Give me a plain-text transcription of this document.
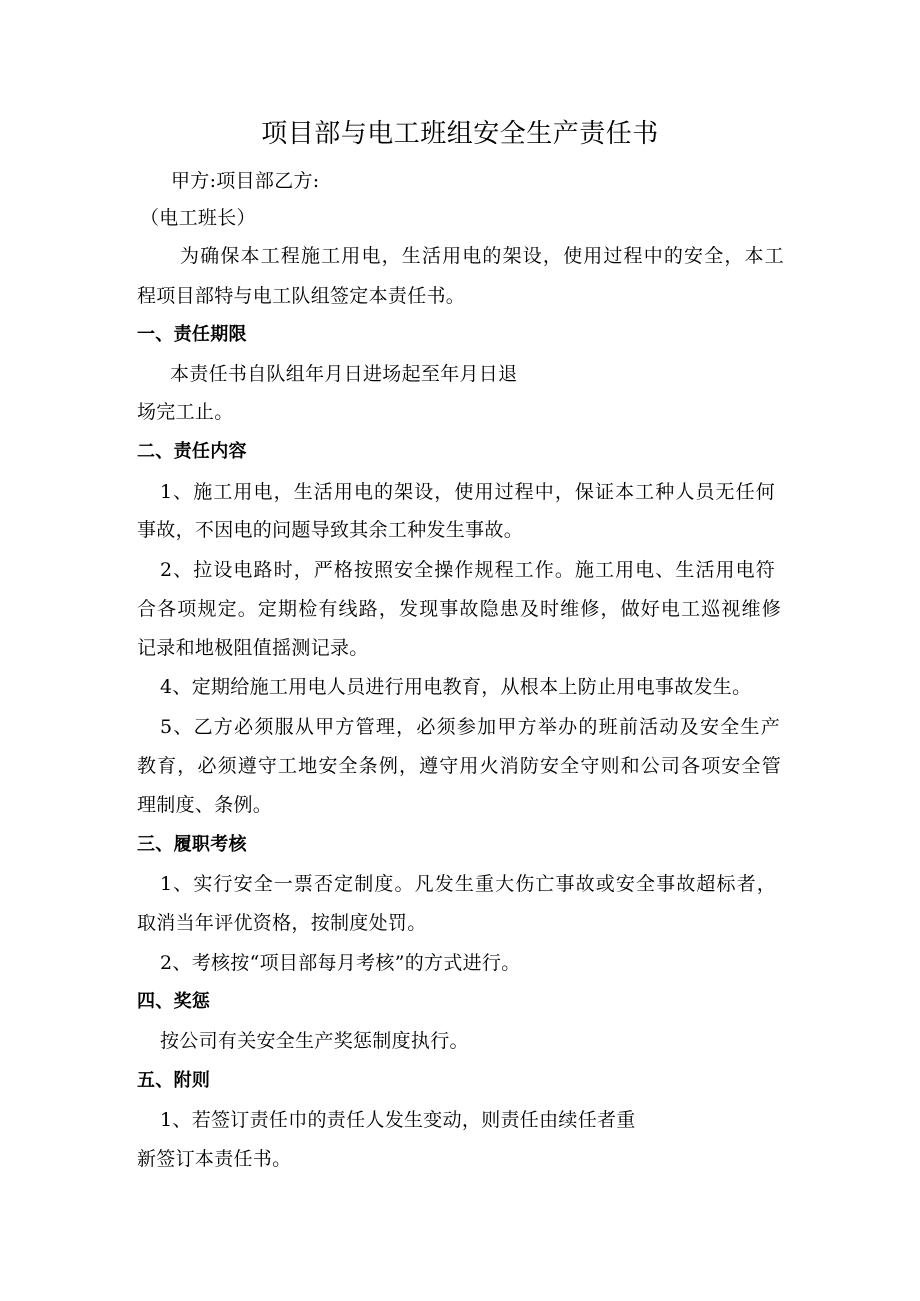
项目部与电工班组安全生产责任书
甲方:项目部乙方:
（电工班长）
为确保本工程施工用电，生活用电的架设，使用过程中的安全，本工
程项目部特与电工队组签定本责任书。
一、责任期限
本责任书自队组年月日进场起至年月日退
场完工止。
二、责任内容
1、施工用电，生活用电的架设，使用过程中，保证本工种人员无任何
事故，不因电的问题导致其余工种发生事故。
2、拉设电路时，严格按照安全操作规程工作。施工用电、生活用电符
合各项规定。定期检有线路，发现事故隐患及时维修，做好电工巡视维修
记录和地极阻值摇测记录。
4、定期给施工用电人员进行用电教育，从根本上防止用电事故发生。
5、乙方必须服从甲方管理，必须参加甲方举办的班前活动及安全生产
教育，必须遵守工地安全条例，遵守用火消防安全守则和公司各项安全管
理制度、条例。
三、履职考核
1、实行安全一票否定制度。凡发生重大伤亡事故或安全事故超标者，
取消当年评优资格，按制度处罚。
2、考核按“项目部每月考核”的方式进行。
四、奖惩
按公司有关安全生产奖惩制度执行。
五、附则
1、若签订责任巾的责任人发生变动，则责任由续任者重
新签订本责任书。
